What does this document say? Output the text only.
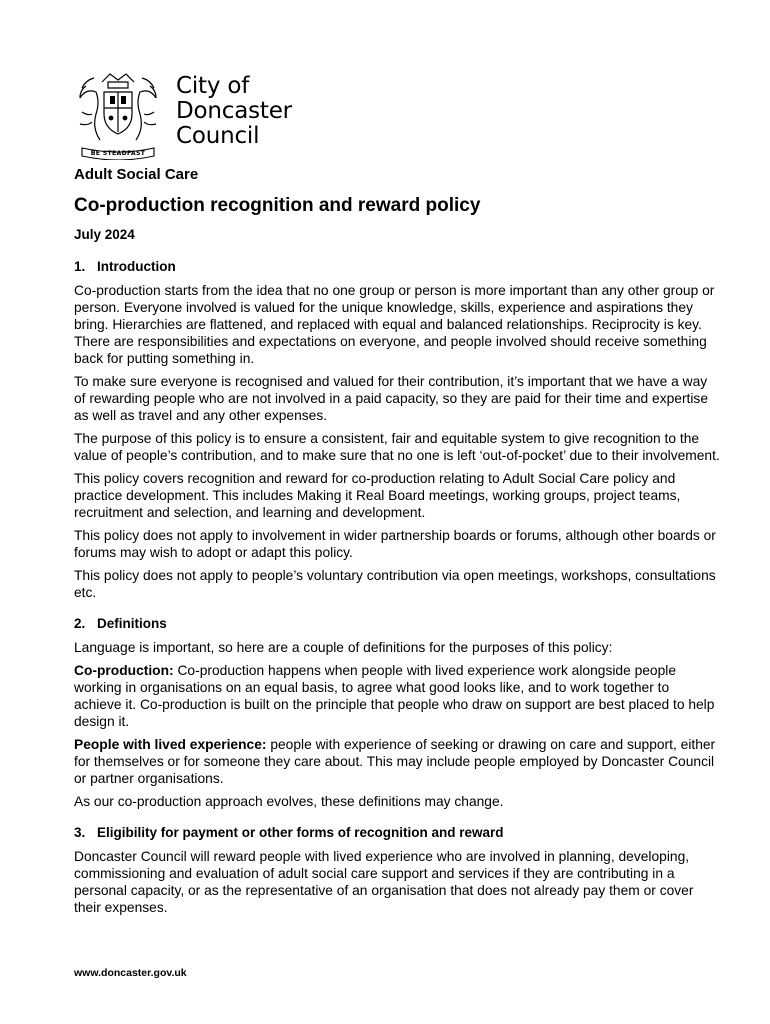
BE STEADFAST
City of
Doncaster
Council
Adult Social Care
Co-production recognition and reward policy
July 2024
1. Introduction

Co-production starts from the idea that no one group or person is more important than any other group or person. Everyone involved is valued for the unique knowledge, skills, experience and aspirations they bring. Hierarchies are flattened, and replaced with equal and balanced relationships. Reciprocity is key. There are responsibilities and expectations on everyone, and people involved should receive something back for putting something in.

To make sure everyone is recognised and valued for their contribution, it’s important that we have a way of rewarding people who are not involved in a paid capacity, so they are paid for their time and expertise as well as travel and any other expenses.

The purpose of this policy is to ensure a consistent, fair and equitable system to give recognition to the value of people’s contribution, and to make sure that no one is left ‘out-of-pocket’ due to their involvement.

This policy covers recognition and reward for co-production relating to Adult Social Care policy and practice development. This includes Making it Real Board meetings, working groups, project teams, recruitment and selection, and learning and development.

This policy does not apply to involvement in wider partnership boards or forums, although other boards or forums may wish to adopt or adapt this policy.

This policy does not apply to people’s voluntary contribution via open meetings, workshops, consultations etc.

2. Definitions

Language is important, so here are a couple of definitions for the purposes of this policy:

Co-production: Co-production happens when people with lived experience work alongside people working in organisations on an equal basis, to agree what good looks like, and to work together to achieve it. Co-production is built on the principle that people who draw on support are best placed to help design it.

People with lived experience: people with experience of seeking or drawing on care and support, either for themselves or for someone they care about. This may include people employed by Doncaster Council or partner organisations.

As our co-production approach evolves, these definitions may change.

3. Eligibility for payment or other forms of recognition and reward

Doncaster Council will reward people with lived experience who are involved in planning, developing, commissioning and evaluation of adult social care support and services if they are contributing in a personal capacity, or as the representative of an organisation that does not already pay them or cover their expenses.

www.doncaster.gov.uk
